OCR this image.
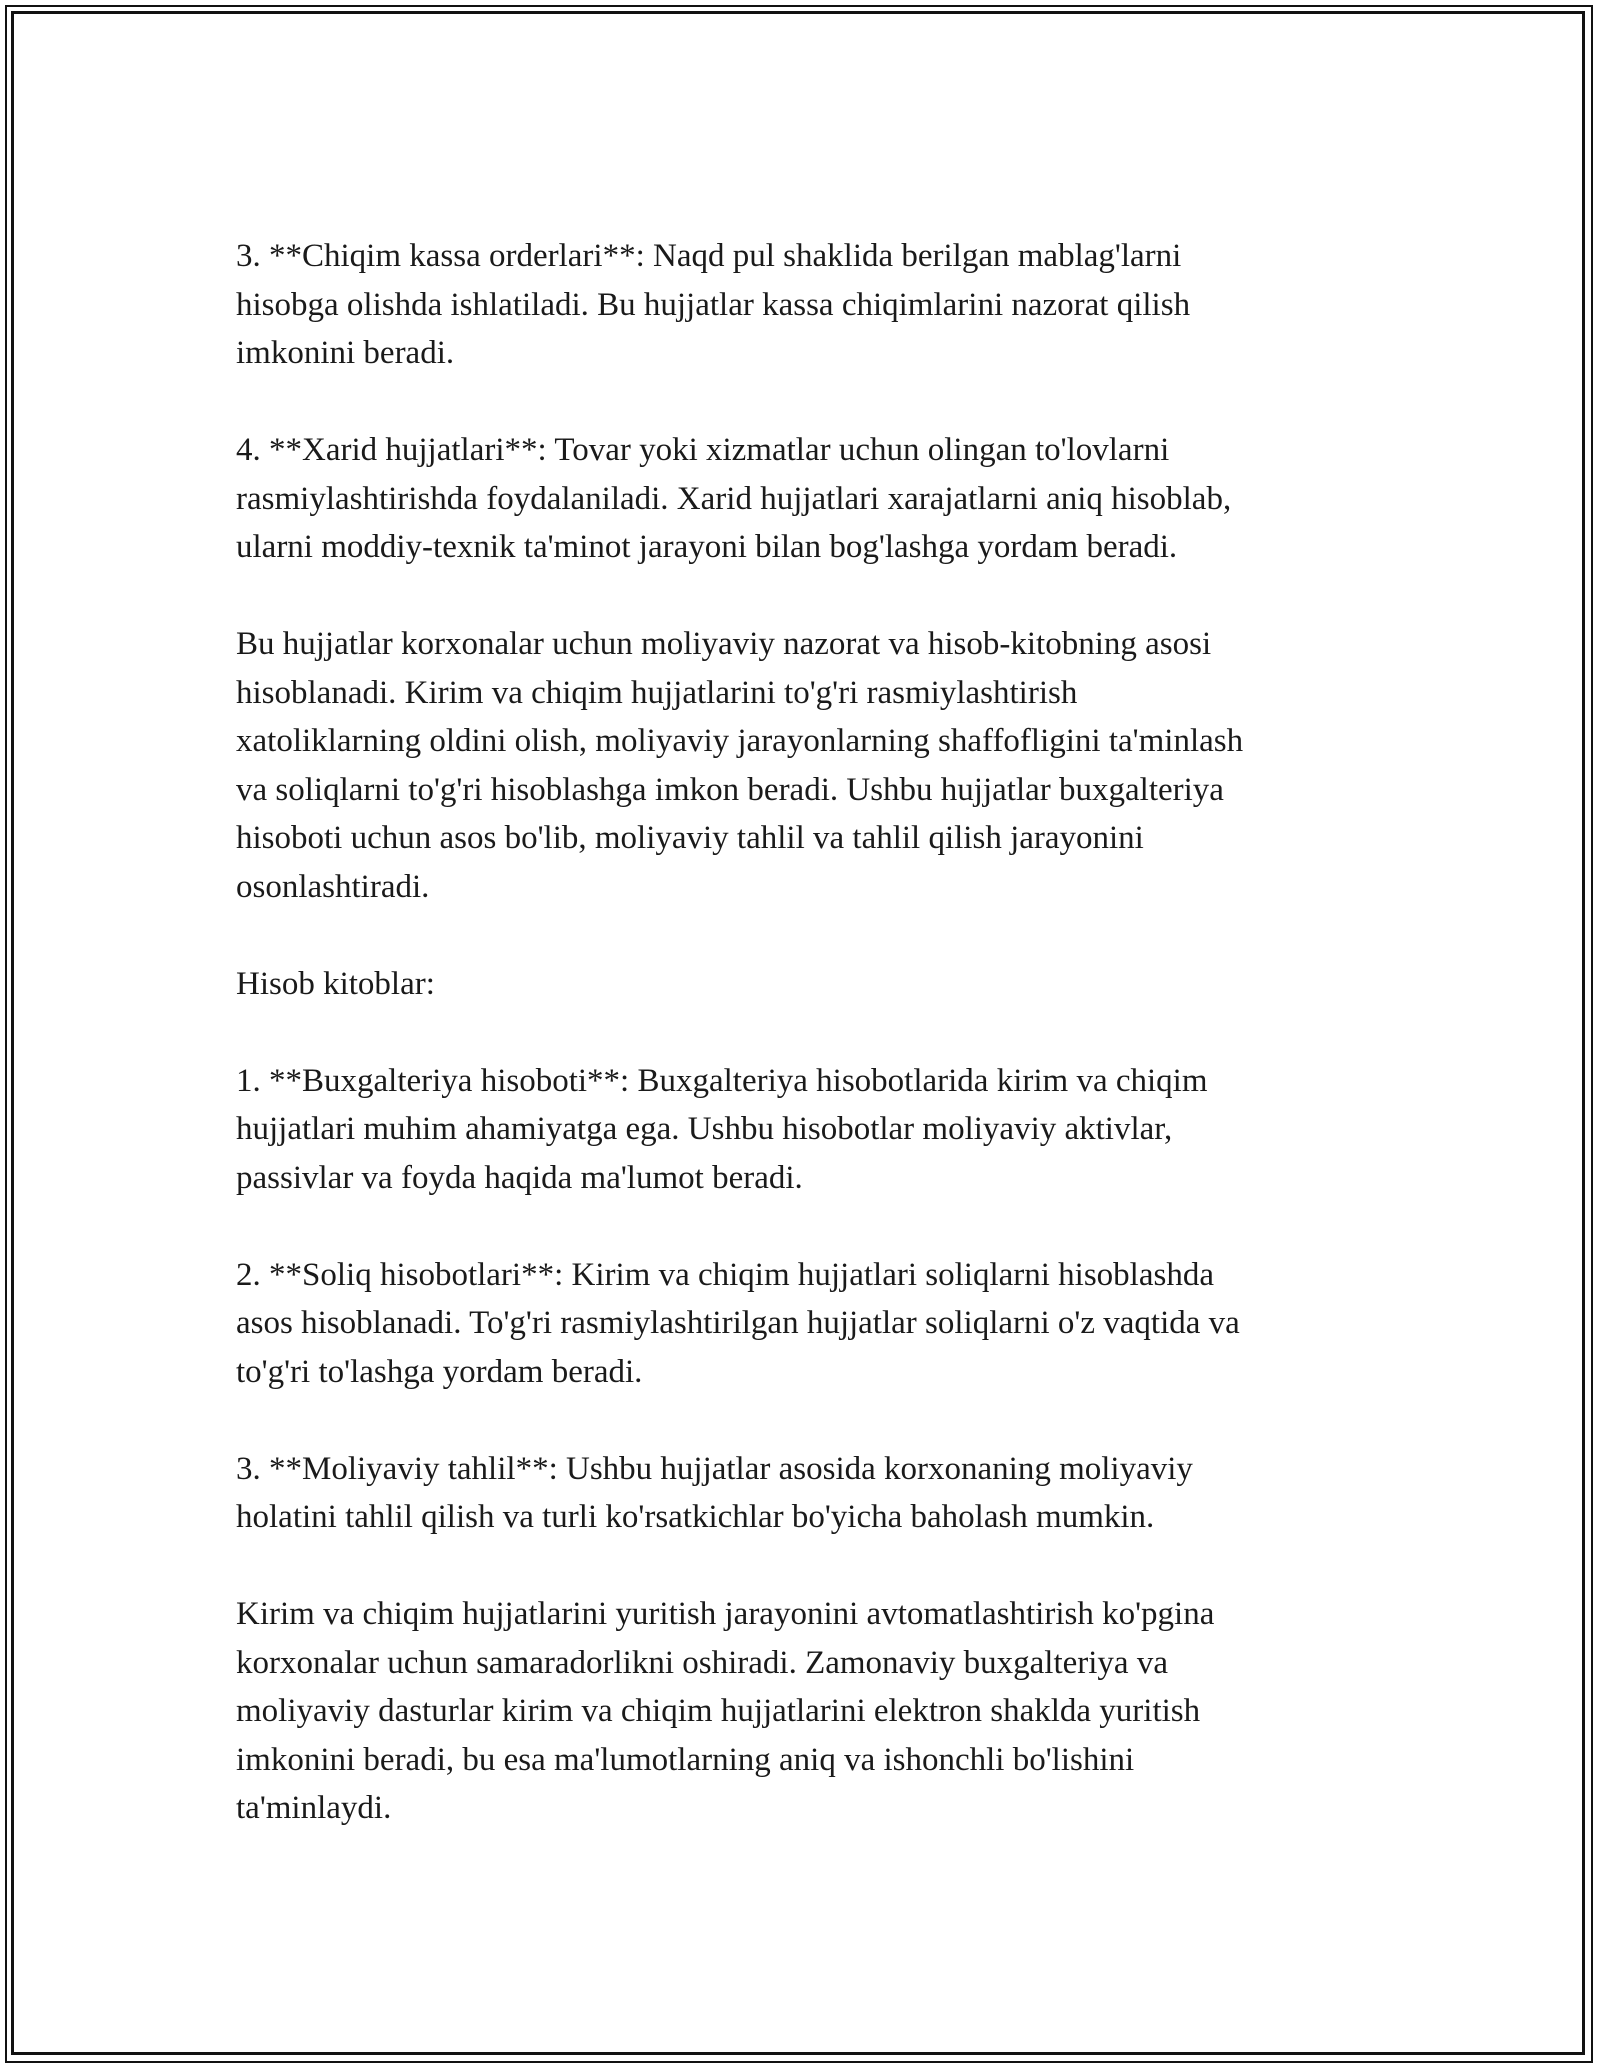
3. **Chiqim kassa orderlari**: Naqd pul shaklida berilgan mablag'larni
hisobga olishda ishlatiladi. Bu hujjatlar kassa chiqimlarini nazorat qilish
imkonini beradi.

4. **Xarid hujjatlari**: Tovar yoki xizmatlar uchun olingan to'lovlarni
rasmiylashtirishda foydalaniladi. Xarid hujjatlari xarajatlarni aniq hisoblab,
ularni moddiy-texnik ta'minot jarayoni bilan bog'lashga yordam beradi.

Bu hujjatlar korxonalar uchun moliyaviy nazorat va hisob-kitobning asosi
hisoblanadi. Kirim va chiqim hujjatlarini to'g'ri rasmiylashtirish
xatoliklarning oldini olish, moliyaviy jarayonlarning shaffofligini ta'minlash
va soliqlarni to'g'ri hisoblashga imkon beradi. Ushbu hujjatlar buxgalteriya
hisoboti uchun asos bo'lib, moliyaviy tahlil va tahlil qilish jarayonini
osonlashtiradi.

Hisob kitoblar:

1. **Buxgalteriya hisoboti**: Buxgalteriya hisobotlarida kirim va chiqim
hujjatlari muhim ahamiyatga ega. Ushbu hisobotlar moliyaviy aktivlar,
passivlar va foyda haqida ma'lumot beradi.

2. **Soliq hisobotlari**: Kirim va chiqim hujjatlari soliqlarni hisoblashda
asos hisoblanadi. To'g'ri rasmiylashtirilgan hujjatlar soliqlarni o'z vaqtida va
to'g'ri to'lashga yordam beradi.

3. **Moliyaviy tahlil**: Ushbu hujjatlar asosida korxonaning moliyaviy
holatini tahlil qilish va turli ko'rsatkichlar bo'yicha baholash mumkin.

Kirim va chiqim hujjatlarini yuritish jarayonini avtomatlashtirish ko'pgina
korxonalar uchun samaradorlikni oshiradi. Zamonaviy buxgalteriya va
moliyaviy dasturlar kirim va chiqim hujjatlarini elektron shaklda yuritish
imkonini beradi, bu esa ma'lumotlarning aniq va ishonchli bo'lishini
ta'minlaydi.
